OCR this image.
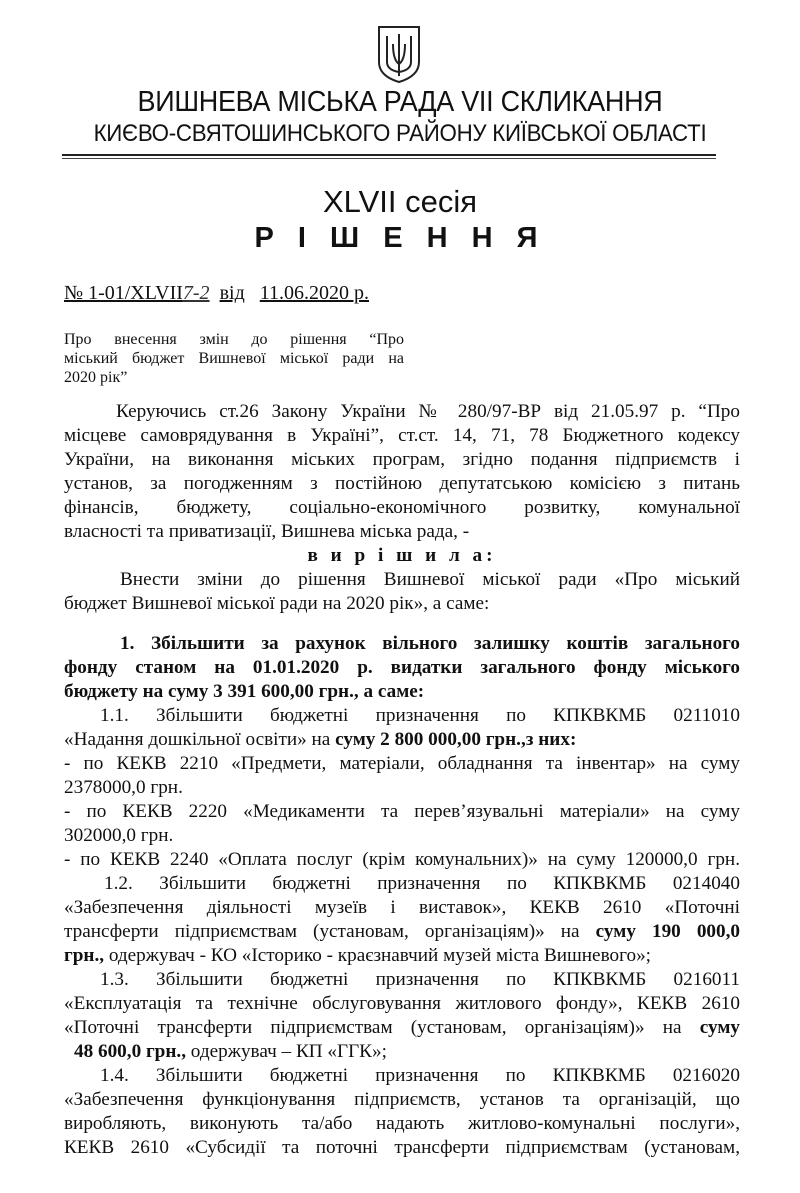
ВИШНЕВА МІСЬКА РАДА VII СКЛИКАННЯ
КИЄВО-СВЯТОШИНСЬКОГО РАЙОНУ КИЇВСЬКОЇ ОБЛАСТІ
XLVII сесія
Р І Ш Е Н Н Я
№ 1-01/XLVII7-2 від 11.06.2020 р.

Про внесення змін до рішення “Про

міський бюджет Вишневої міської ради на

2020 рік”

Керуючись ст.26 Закону України № 280/97-ВР від 21.05.97 р. “Про

місцеве самоврядування в Україні”, ст.ст. 14, 71, 78 Бюджетного кодексу

України, на виконання міських програм, згідно подання підприємств і

установ, за погодженням з постійною депутатською комісією з питань

фінансів, бюджету, соціально-економічного розвитку, комунальної

власності та приватизації, Вишнева міська рада, -

в и р і ш и л а:

Внести зміни до рішення Вишневої міської ради «Про міський

бюджет Вишневої міської ради на 2020 рік», а саме:

1. Збільшити за рахунок вільного залишку коштів загального

фонду станом на 01.01.2020 р. видатки загального фонду міського

бюджету на суму 3 391 600,00 грн., а саме:

1.1. Збільшити бюджетні призначення по КПКВКМБ 0211010

«Надання дошкільної освіти» на суму 2 800 000,00 грн.,з них:

- по КЕКВ 2210 «Предмети, матеріали, обладнання та інвентар» на суму

2378000,0 грн.

- по КЕКВ 2220 «Медикаменти та перев’язувальні матеріали» на суму

302000,0 грн.

- по КЕКВ 2240 «Оплата послуг (крім комунальних)» на суму 120000,0 грн.

1.2. Збільшити бюджетні призначення по КПКВКМБ 0214040

«Забезпечення діяльності музеїв і виставок», КЕКВ 2610 «Поточні

трансферти підприємствам (установам, організаціям)» на суму 190 000,0

грн., одержувач - КО «Історико - краєзнавчий музей міста Вишневого»;

1.3. Збільшити бюджетні призначення по КПКВКМБ 0216011

«Експлуатація та технічне обслуговування житлового фонду», КЕКВ 2610

«Поточні трансферти підприємствам (установам, організаціям)» на суму

48 600,0 грн., одержувач – КП «ГГК»;

1.4. Збільшити бюджетні призначення по КПКВКМБ 0216020

«Забезпечення функціонування підприємств, установ та організацій, що

виробляють, виконують та/або надають житлово-комунальні послуги»,

КЕКВ 2610 «Субсидії та поточні трансферти підприємствам (установам,
